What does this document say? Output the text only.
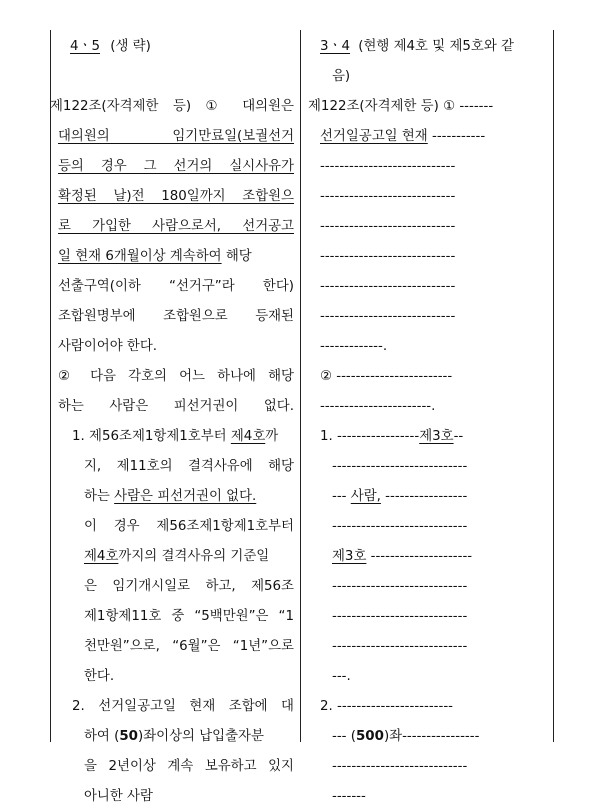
4ㆍ5 (생 략)
제122조(자격제한 등) ① 대의원은
대의원의 임기만료일(보궐선거
등의 경우 그 선거의 실시사유가
확정된 날)전 180일까지 조합원으
로 가입한 사람으로서, 선거공고
일 현재 6개월이상 계속하여 해당
선출구역(이하 “선거구”라 한다)
조합원명부에 조합원으로 등재된
사람이어야 한다.
② 다음 각호의 어느 하나에 해당
하는 사람은 피선거권이 없다.
1. 제56조제1항제1호부터 제4호까
지, 제11호의 결격사유에 해당
하는 사람은 피선거권이 없다.
이 경우 제56조제1항제1호부터
제4호까지의 결격사유의 기준일
은 임기개시일로 하고, 제56조
제1항제11호 중 “5백만원”은 “1
천만원”으로, “6월”은 “1년”으로
한다.
2. 선거일공고일 현재 조합에 대
하여 (50)좌이상의 납입출자분
을 2년이상 계속 보유하고 있지
아니한 사람
3ㆍ4 (현행 제4호 및 제5호와 같
음)
제122조(자격제한 등) ① -------
선거일공고일 현재 -----------
----------------------------
----------------------------
----------------------------
----------------------------
----------------------------
----------------------------
-------------.
② ------------------------
-----------------------.
1. -----------------제3호--
----------------------------
--- 사람, -----------------
----------------------------
제3호 ---------------------
----------------------------
----------------------------
----------------------------
---.
2. ------------------------
--- (500)좌----------------
----------------------------
-------
